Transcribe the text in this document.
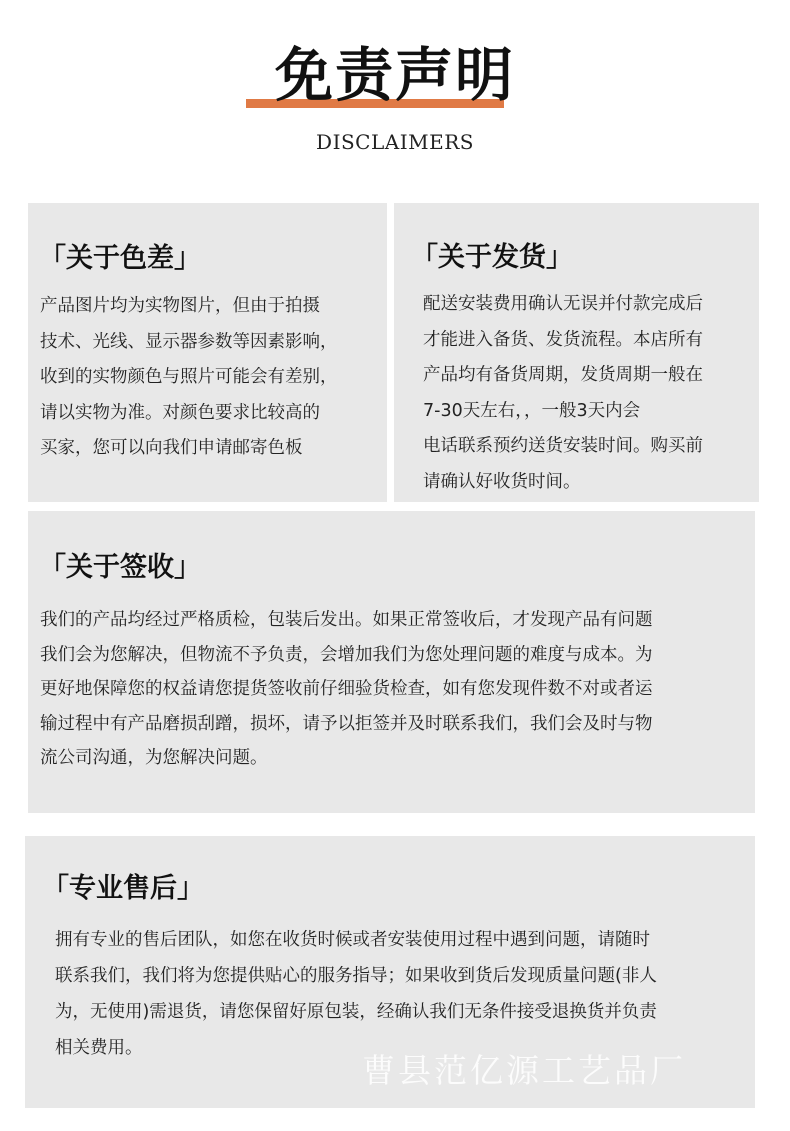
免责声明
DISCLAIMERS
「关于色差」
产品图片均为实物图片，但由于拍摄
技术、光线、显示器参数等因素影响，
收到的实物颜色与照片可能会有差别，
请以实物为准。对颜色要求比较高的
买家，您可以向我们申请邮寄色板
「关于发货」
配送安装费用确认无误并付款完成后
才能进入备货、发货流程。本店所有
产品均有备货周期，发货周期一般在
7-30天左右，，一般3天内会
电话联系预约送货安装时间。购买前
请确认好收货时间。
「关于签收」
我们的产品均经过严格质检，包装后发出。如果正常签收后，才发现产品有问题
我们会为您解决，但物流不予负责，会增加我们为您处理问题的难度与成本。为
更好地保障您的权益请您提货签收前仔细验货检查，如有您发现件数不对或者运
输过程中有产品磨损刮蹭，损坏，请予以拒签并及时联系我们，我们会及时与物
流公司沟通，为您解决问题。
「专业售后」
拥有专业的售后团队，如您在收货时候或者安装使用过程中遇到问题，请随时
联系我们，我们将为您提供贴心的服务指导；如果收到货后发现质量问题(非人
为，无使用)需退货，请您保留好原包装，经确认我们无条件接受退换货并负责
相关费用。
曹县范亿源工艺品厂
